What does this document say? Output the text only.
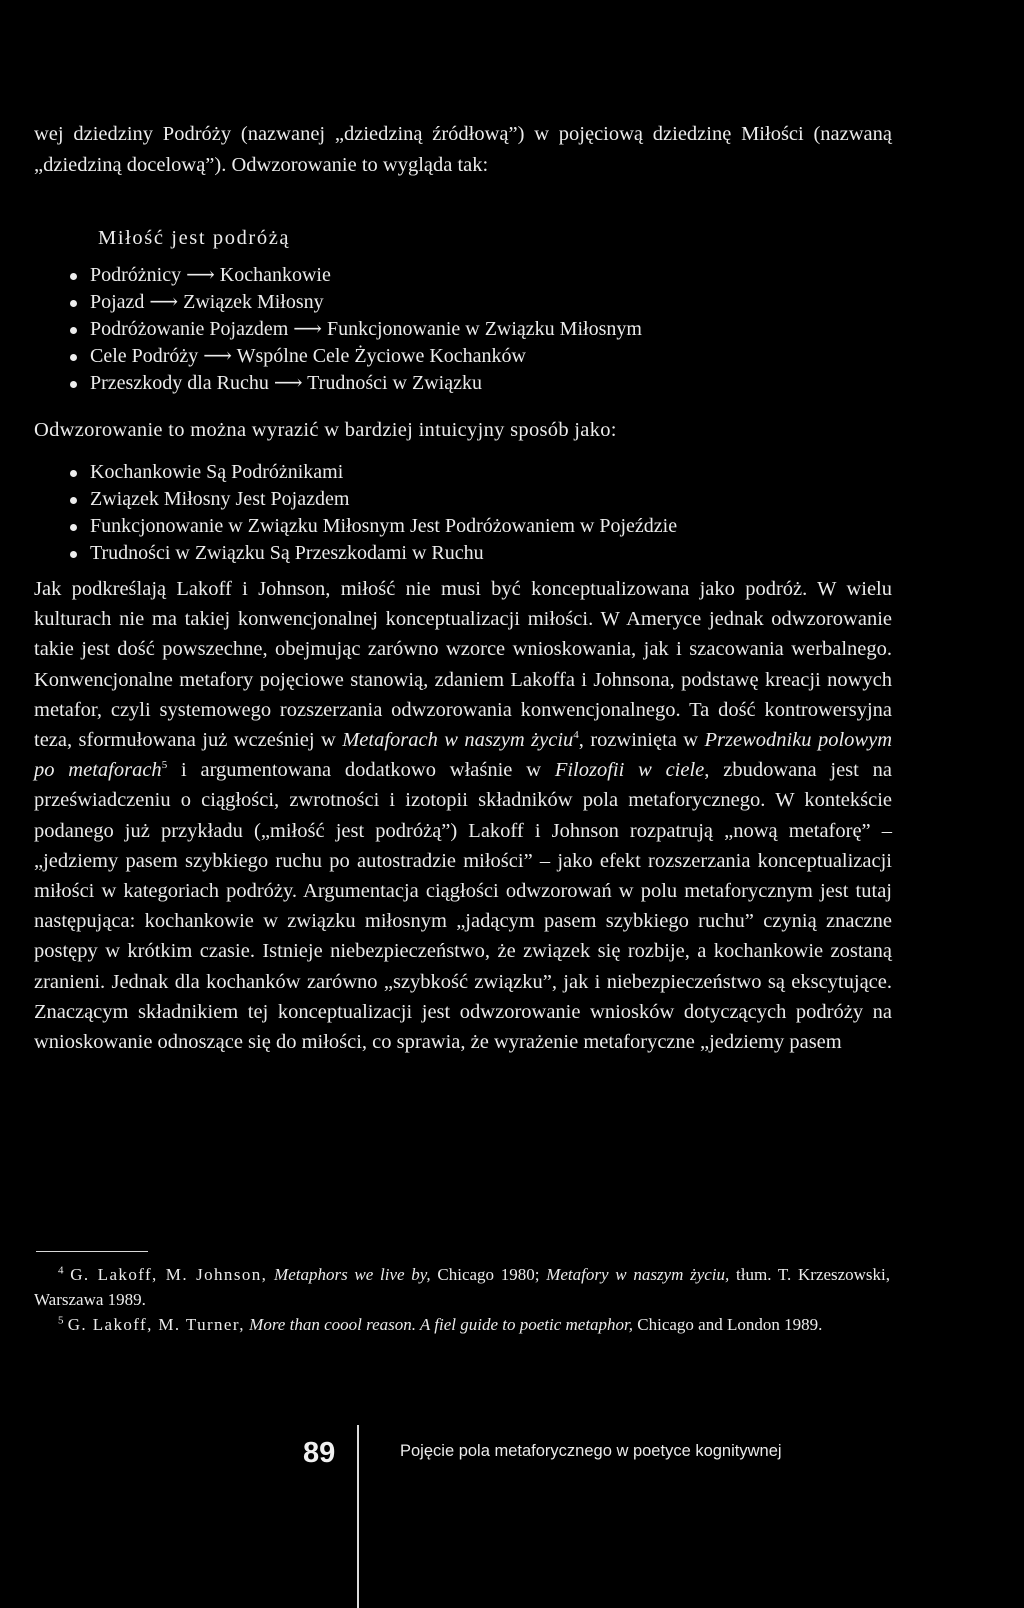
wej dziedziny Podróży (nazwanej „dziedziną źródłową”) w pojęciową dziedzinę Miłości (nazwaną „dziedziną docelową”). Odwzorowanie to wygląda tak:

Miłość jest podróżą

Podróżnicy ⟶ Kochankowie
Pojazd ⟶ Związek Miłosny
Podróżowanie Pojazdem ⟶ Funkcjonowanie w Związku Miłosnym
Cele Podróży ⟶ Wspólne Cele Życiowe Kochanków
Przeszkody dla Ruchu ⟶ Trudności w Związku

Odwzorowanie to można wyrazić w bardziej intuicyjny sposób jako:

Kochankowie Są Podróżnikami
Związek Miłosny Jest Pojazdem
Funkcjonowanie w Związku Miłosnym Jest Podróżowaniem w Pojeździe
Trudności w Związku Są Przeszkodami w Ruchu

Jak podkreślają Lakoff i Johnson, miłość nie musi być konceptualizowana jako podróż. W wielu kulturach nie ma takiej konwencjonalnej konceptualizacji miłości. W Ameryce jednak odwzorowanie takie jest dość powszechne, obejmując zarówno wzorce wnioskowania, jak i szacowania werbalnego. Konwencjonalne metafory pojęciowe stanowią, zdaniem Lakoffa i Johnsona, podstawę kreacji nowych metafor, czyli systemowego rozszerzania odwzorowania konwencjonalnego. Ta dość kontrowersyjna teza, sformułowana już wcześniej w Metaforach w naszym życiu$^4$, rozwinięta w Przewodniku polowym po metaforach$^5$ i argumentowana dodatkowo właśnie w Filozofii w ciele, zbudowana jest na przeświadczeniu o ciągłości, zwrotności i izotopii składników pola metaforycznego. W kontekście podanego już przykładu („miłość jest podróżą”) Lakoff i Johnson rozpatrują „nową metaforę” – „jedziemy pasem szybkiego ruchu po autostradzie miłości” – jako efekt rozszerzania konceptualizacji miłości w kategoriach podróży. Argumentacja ciągłości odwzorowań w polu metaforycznym jest tutaj następująca: kochankowie w związku miłosnym „jadącym pasem szybkiego ruchu” czynią znaczne postępy w krótkim czasie. Istnieje niebezpieczeństwo, że związek się rozbije, a kochankowie zostaną zranieni. Jednak dla kochanków zarówno „szybkość związku”, jak i niebezpieczeństwo są ekscytujące. Znaczącym składnikiem tej konceptualizacji jest odwzorowanie wniosków dotyczących podróży na wnioskowanie odnoszące się do miłości, co sprawia, że wyrażenie metaforyczne „jedziemy pasem

$^4$ G. Lakoff, M. Johnson, Metaphors we live by, Chicago 1980; Metafory w naszym życiu, tłum. T. Krzeszowski, Warszawa 1989.

$^5$ G. Lakoff, M. Turner, More than coool reason. A fiel guide to poetic metaphor, Chicago and London 1989.

89	Pojęcie pola metaforycznego w poetyce kognitywnej
